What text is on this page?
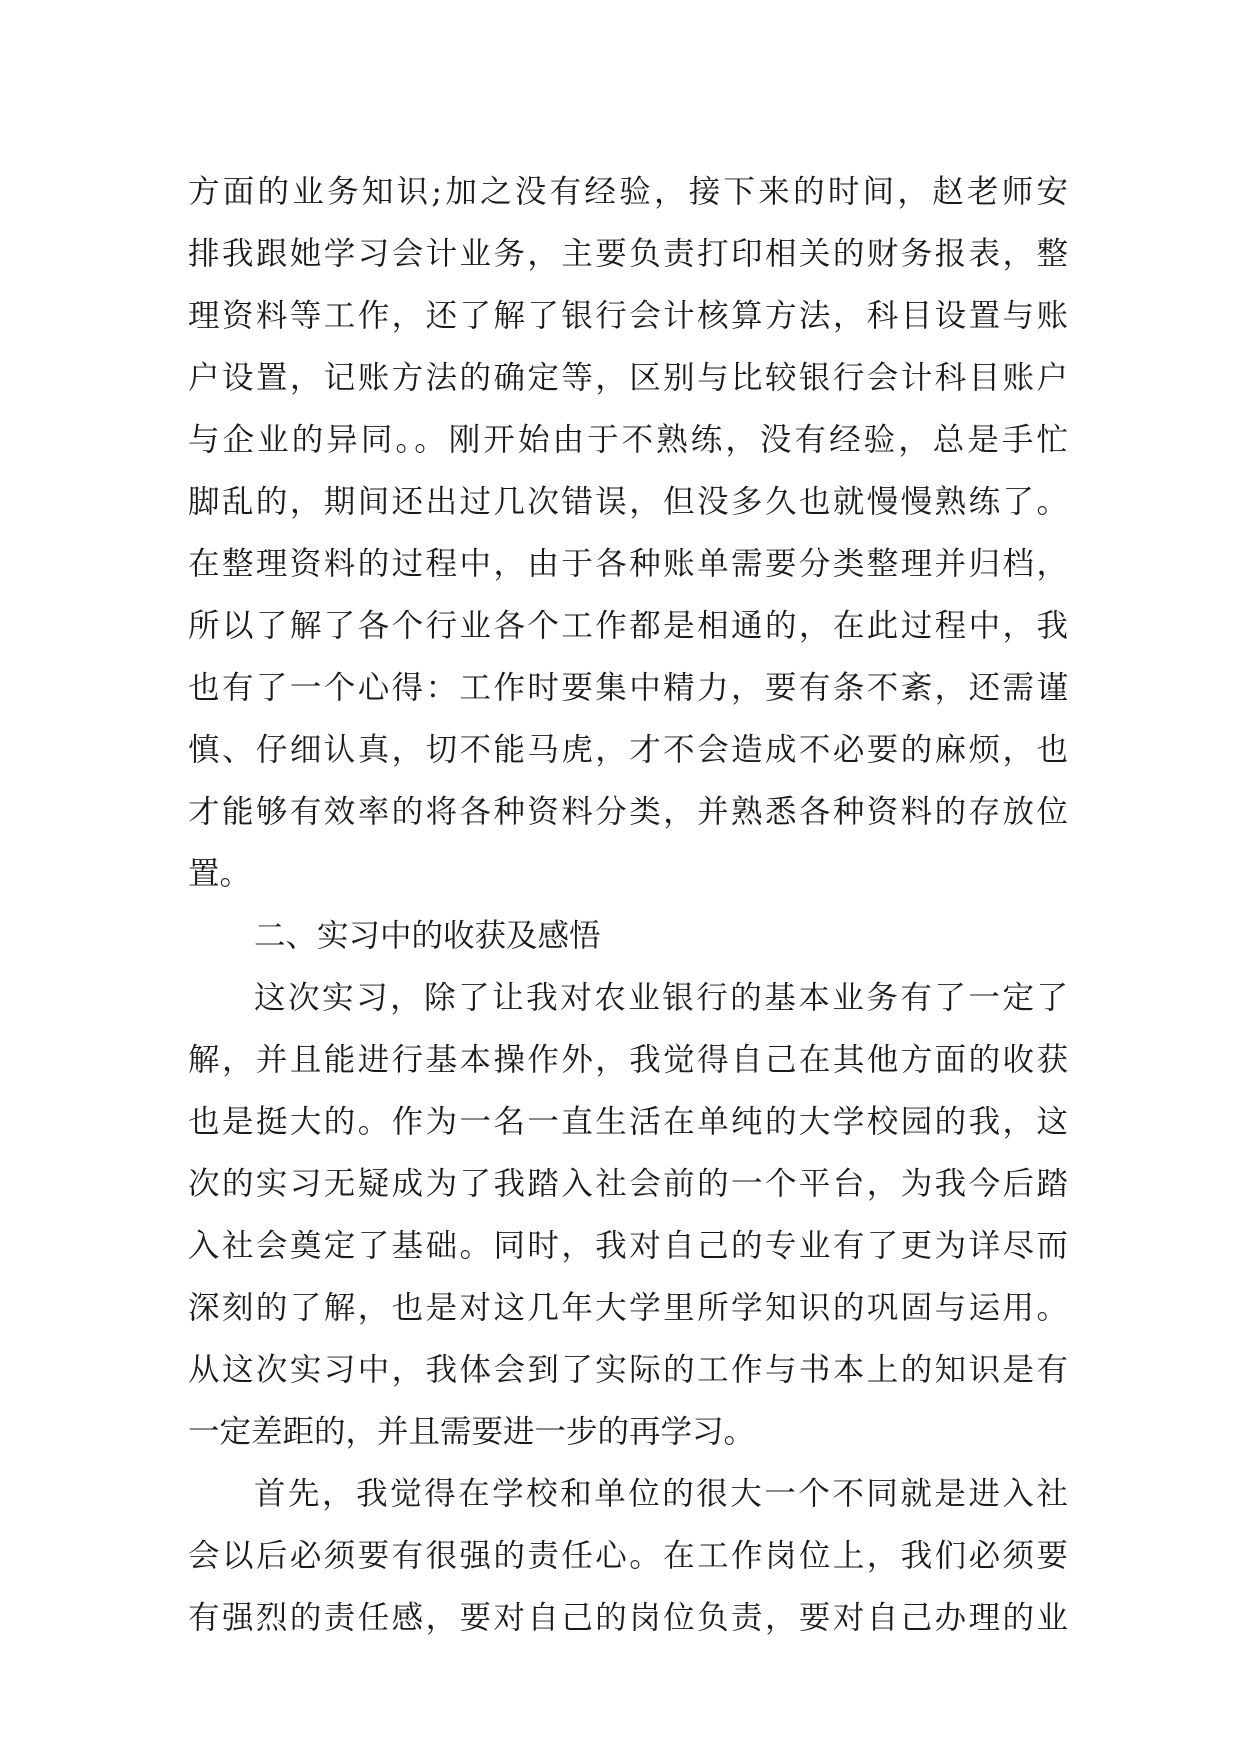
方面的业务知识;加之没有经验，接下来的时间，赵老师安
排我跟她学习会计业务，主要负责打印相关的财务报表，整
理资料等工作，还了解了银行会计核算方法，科目设置与账
户设置，记账方法的确定等，区别与比较银行会计科目账户
与企业的异同。。刚开始由于不熟练，没有经验，总是手忙
脚乱的，期间还出过几次错误，但没多久也就慢慢熟练了。
在整理资料的过程中，由于各种账单需要分类整理并归档，
所以了解了各个行业各个工作都是相通的，在此过程中，我
也有了一个心得：工作时要集中精力，要有条不紊，还需谨
慎、仔细认真，切不能马虎，才不会造成不必要的麻烦，也
才能够有效率的将各种资料分类，并熟悉各种资料的存放位
置。
二、实习中的收获及感悟
这次实习，除了让我对农业银行的基本业务有了一定了
解，并且能进行基本操作外，我觉得自己在其他方面的收获
也是挺大的。作为一名一直生活在单纯的大学校园的我，这
次的实习无疑成为了我踏入社会前的一个平台，为我今后踏
入社会奠定了基础。同时，我对自己的专业有了更为详尽而
深刻的了解，也是对这几年大学里所学知识的巩固与运用。
从这次实习中，我体会到了实际的工作与书本上的知识是有
一定差距的，并且需要进一步的再学习。
首先，我觉得在学校和单位的很大一个不同就是进入社
会以后必须要有很强的责任心。在工作岗位上，我们必须要
有强烈的责任感，要对自己的岗位负责，要对自己办理的业
